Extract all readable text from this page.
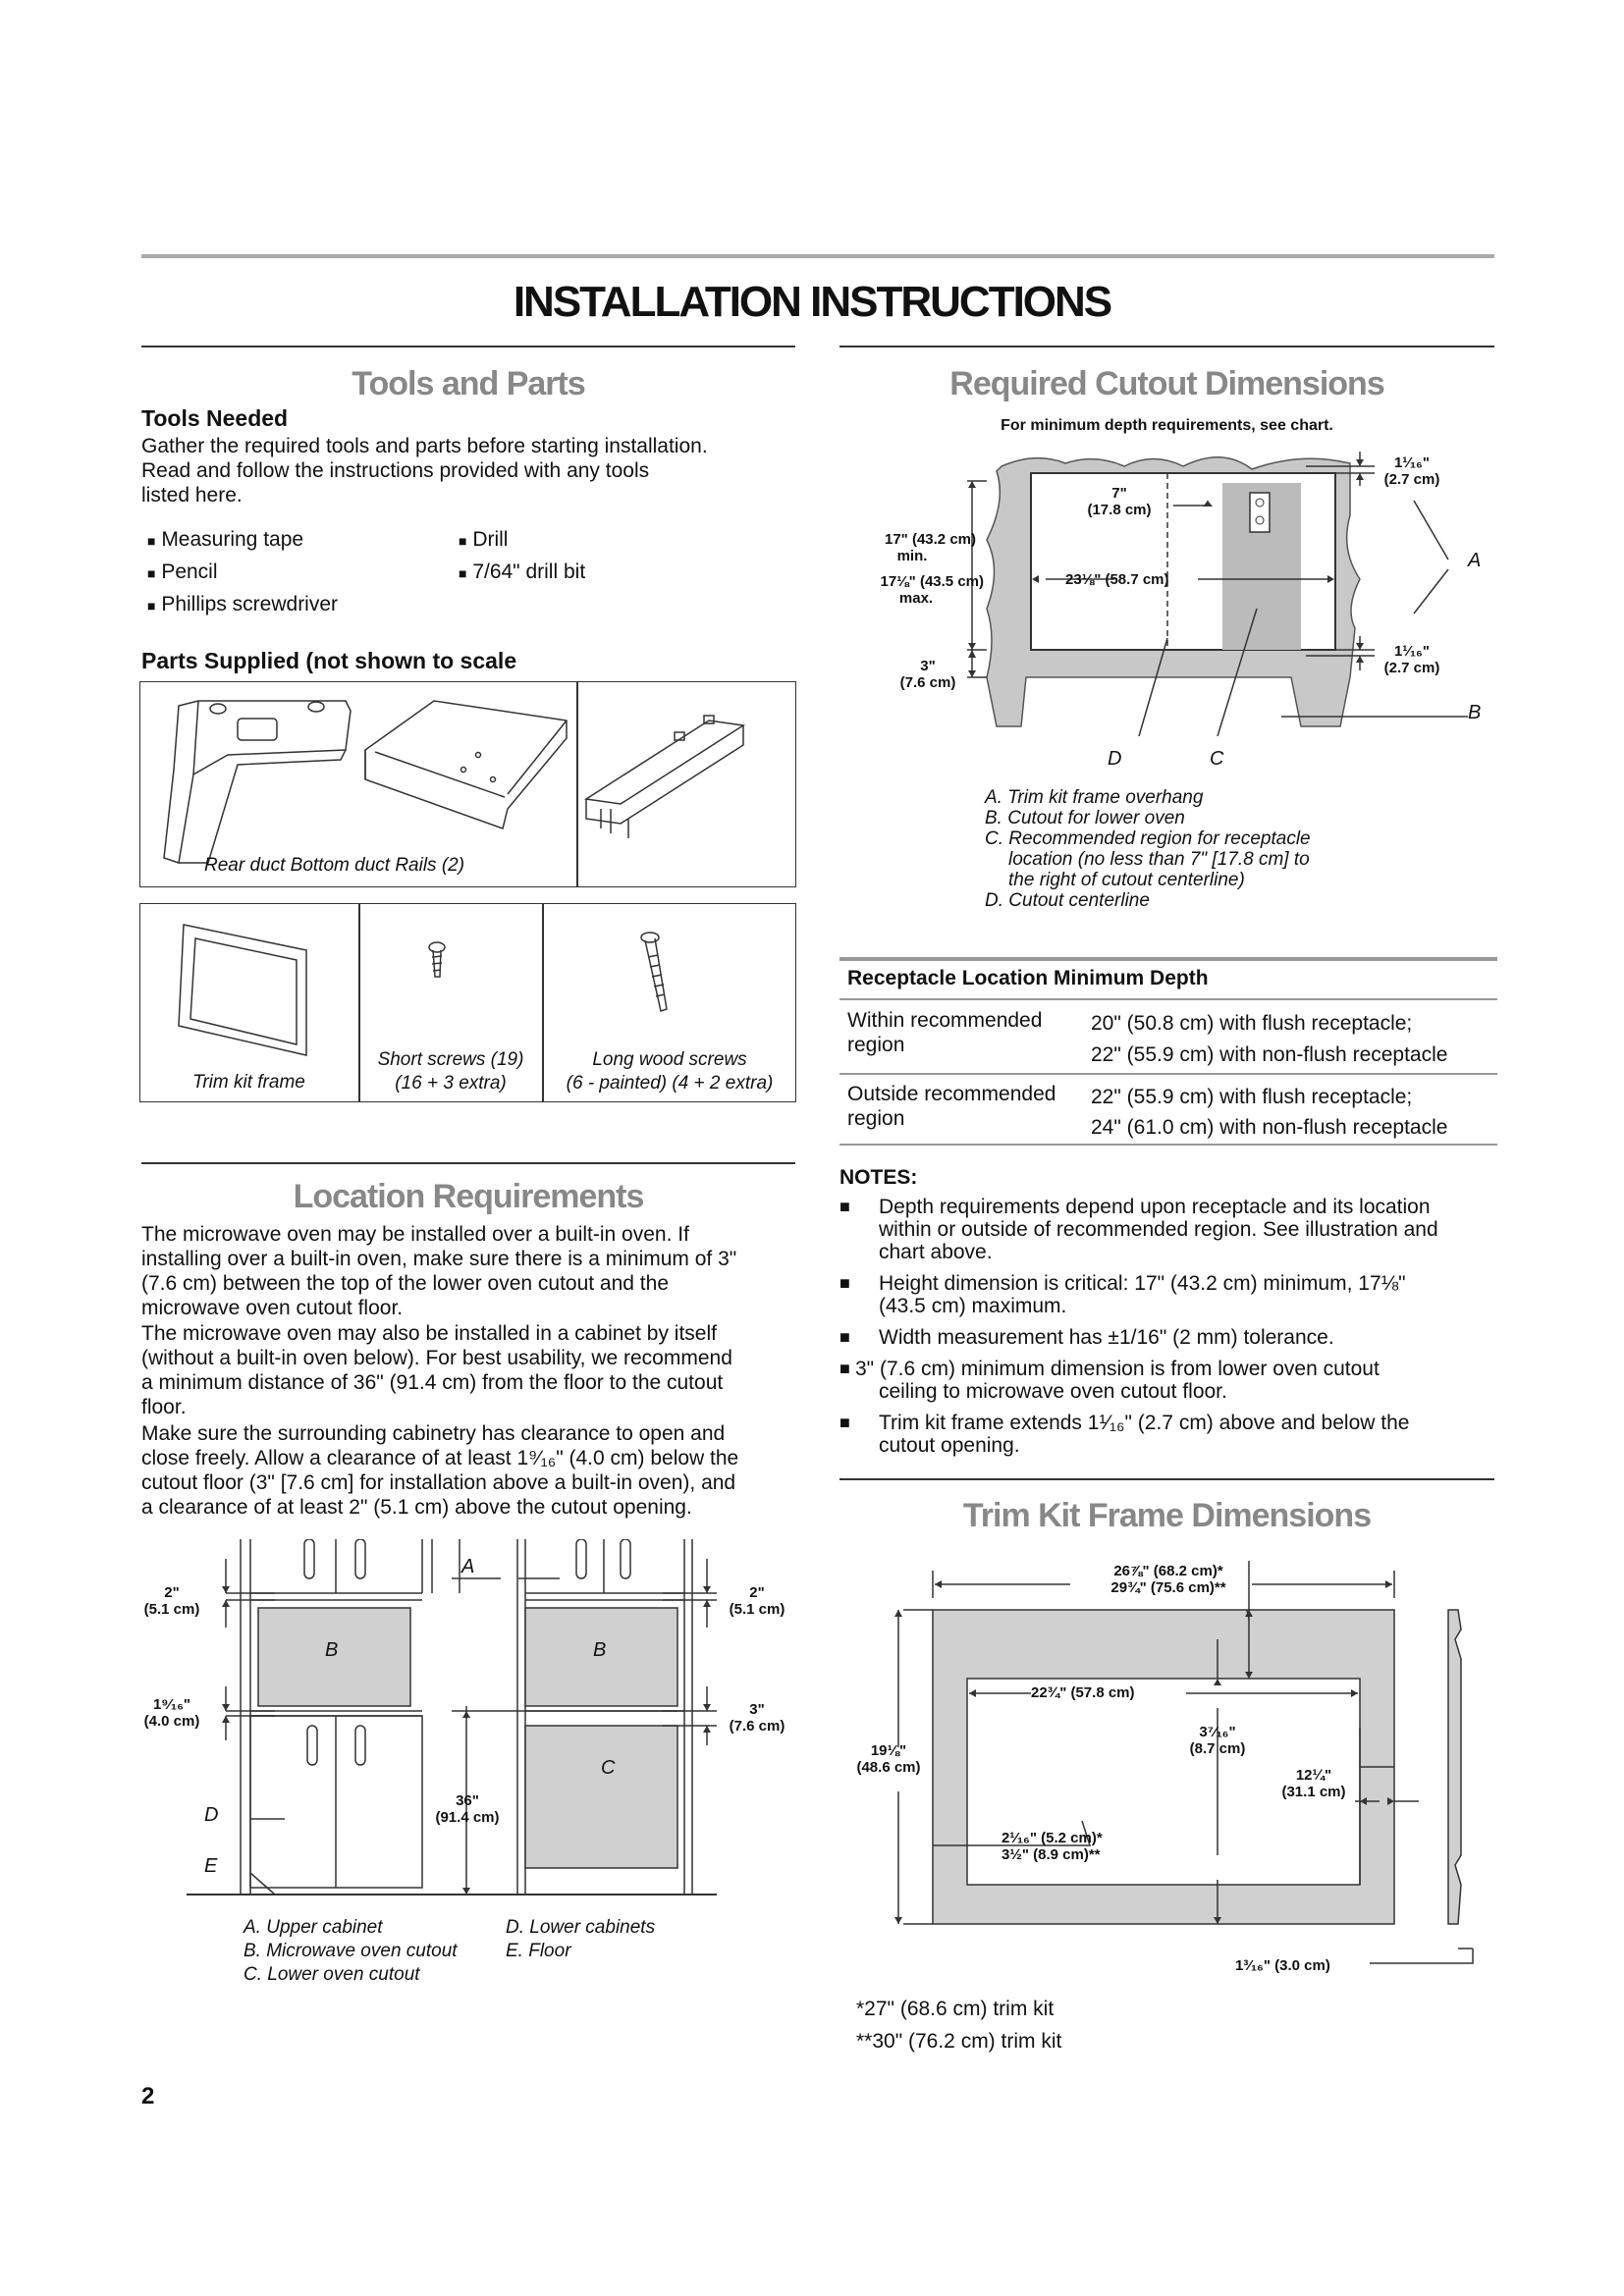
INSTALLATION INSTRUCTIONS
Tools and Parts
Tools Needed
Gather the required tools and parts before starting installation.
Read and follow the instructions provided with any tools
listed here.
■ Measuring tape
■ Pencil
■ Phillips screwdriver
■ Drill
■ 7/64" drill bit
Parts Supplied (not shown to scale
Rear duct Bottom duct Rails (2)
Trim kit frame
Short screws (19)
(16 + 3 extra)
Long wood screws
(6 - painted) (4 + 2 extra)
Location Requirements
The microwave oven may be installed over a built-in oven. If
installing over a built-in oven, make sure there is a minimum of 3"
(7.6 cm) between the top of the lower oven cutout and the
microwave oven cutout floor.
The microwave oven may also be installed in a cabinet by itself
(without a built-in oven below). For best usability, we recommend
a minimum distance of 36" (91.4 cm) from the floor to the cutout
floor.
Make sure the surrounding cabinetry has clearance to open and
close freely. Allow a clearance of at least 1⁹⁄₁₆" (4.0 cm) below the
cutout floor (3" [7.6 cm] for installation above a built-in oven), and
a clearance of at least 2" (5.1 cm) above the cutout opening.
2"
(5.1 cm)
2"
(5.1 cm)
1⁹⁄₁₆"
(4.0 cm)
3"
(7.6 cm)
36"
(91.4 cm)
A
B	B
C
D
E
A. Upper cabinet
B. Microwave oven cutout
C. Lower oven cutout
D. Lower cabinets
E. Floor
2
Required Cutout Dimensions
For minimum depth requirements, see chart.
17" (43.2 cm)
min.
17⅛" (43.5 cm)
max.
23⅛" (58.7 cm)
7"
(17.8 cm)
1¹⁄₁₆"
(2.7 cm)
1¹⁄₁₆"
(2.7 cm)
3"
(7.6 cm)
A
B
D	C
A. Trim kit frame overhang
B. Cutout for lower oven
C. Recommended region for receptacle
location (no less than 7" [17.8 cm] to
the right of cutout centerline)
D. Cutout centerline
Receptacle Location Minimum Depth
Within recommended
region
20" (50.8 cm) with flush receptacle;
22" (55.9 cm) with non-flush receptacle
Outside recommended
region
22" (55.9 cm) with flush receptacle;
24" (61.0 cm) with non-flush receptacle
NOTES:
■ Depth requirements depend upon receptacle and its location
within or outside of recommended region. See illustration and
chart above.
■ Height dimension is critical: 17" (43.2 cm) minimum, 17⅛"
(43.5 cm) maximum.
■ Width measurement has ±1/16" (2 mm) tolerance.
■ 3" (7.6 cm) minimum dimension is from lower oven cutout
ceiling to microwave oven cutout floor.
■ Trim kit frame extends 1¹⁄₁₆" (2.7 cm) above and below the
cutout opening.
Trim Kit Frame Dimensions
26⅞" (68.2 cm)*
29¾" (75.6 cm)**
22¾" (57.8 cm)
3⁷⁄₁₆"
(8.7 cm)
19⅛"
(48.6 cm)	12¼"
(31.1 cm)
2¹⁄₁₆" (5.2 cm)*
3½" (8.9 cm)**
1³⁄₁₆" (3.0 cm)
*27" (68.6 cm) trim kit
**30" (76.2 cm) trim kit
